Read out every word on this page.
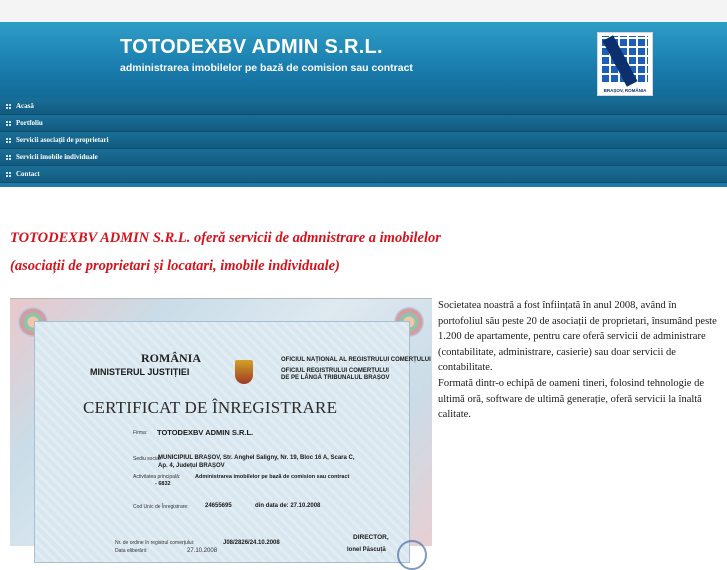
TOTODEXBV ADMIN S.R.L.
administrarea imobilelor pe bază de comision sau contract
BRAȘOV, ROMÂNIA
Acasă
Portfoliu
Servicii asociații de proprietari
Servicii imobile individuale
Contact
TOTODEXBV ADMIN S.R.L. oferă servicii de admnistrare a imobilelor
(asociații de proprietari și locatari, imobile individuale)
ROMÂNIA
MINISTERUL JUSTIȚIEI
OFICIUL NAȚIONAL AL REGISTRULUI COMERȚULUI
OFICIUL REGISTRULUI COMERȚULUI
DE PE LÂNGĂ TRIBUNALUL BRAȘOV
CERTIFICAT DE ÎNREGISTRARE
Firma: TOTODEXBV ADMIN S.R.L.
Sediu social:
MUNICIPIUL BRAȘOV, Str. Anghel Saligny, Nr. 19, Bloc 16 A, Scara C,
Ap. 4, Județul BRAȘOV
Activitatea principală:	Administrarea imobilelor pe bază de comision sau contract
- 6832
Cod Unic de Înregistrare:	24655695	din data de: 27.10.2008
Nr. de ordine în registrul comerțului:	J08/2826/24.10.2008
Data eliberării:	27.10.2008
DIRECTOR,
Ionel Păscuță
Societatea noastră a fost înființată în anul 2008, având în portofoliul său peste 20 de asociații de proprietari, însumând peste 1.200 de apartamente, pentru care oferă servicii de administrare (contabilitate, administrare, casierie) sau doar servicii de contabilitate.
Formată dintr-o echipă de oameni tineri, folosind tehnologie de ultimă oră, software de ultimă generație, oferă servicii la înaltă calitate.
